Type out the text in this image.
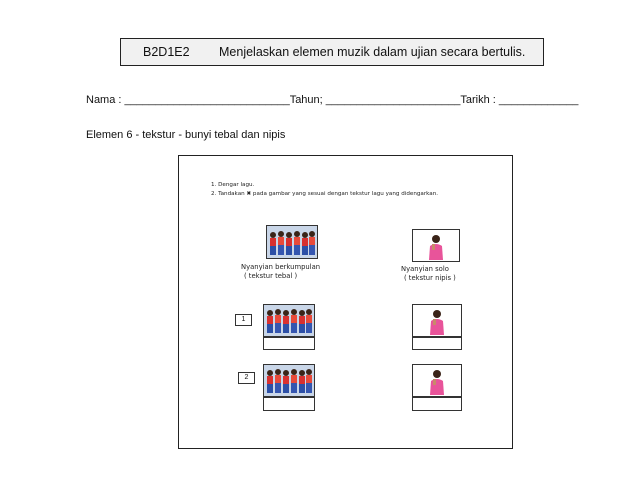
B2D1E2 Menjelaskan elemen muzik dalam ujian secara bertulis.
Nama : ___________________________Tahun; ______________________Tarikh : _____________
Elemen 6 - tekstur - bunyi tebal dan nipis
1. Dengar lagu.
2. Tandakan ✖ pada gambar yang sesuai dengan tekstur lagu yang didengarkan.
Nyanyian berkumpulan
( tekstur tebal )
Nyanyian solo
( tekstur nipis )
1
2
